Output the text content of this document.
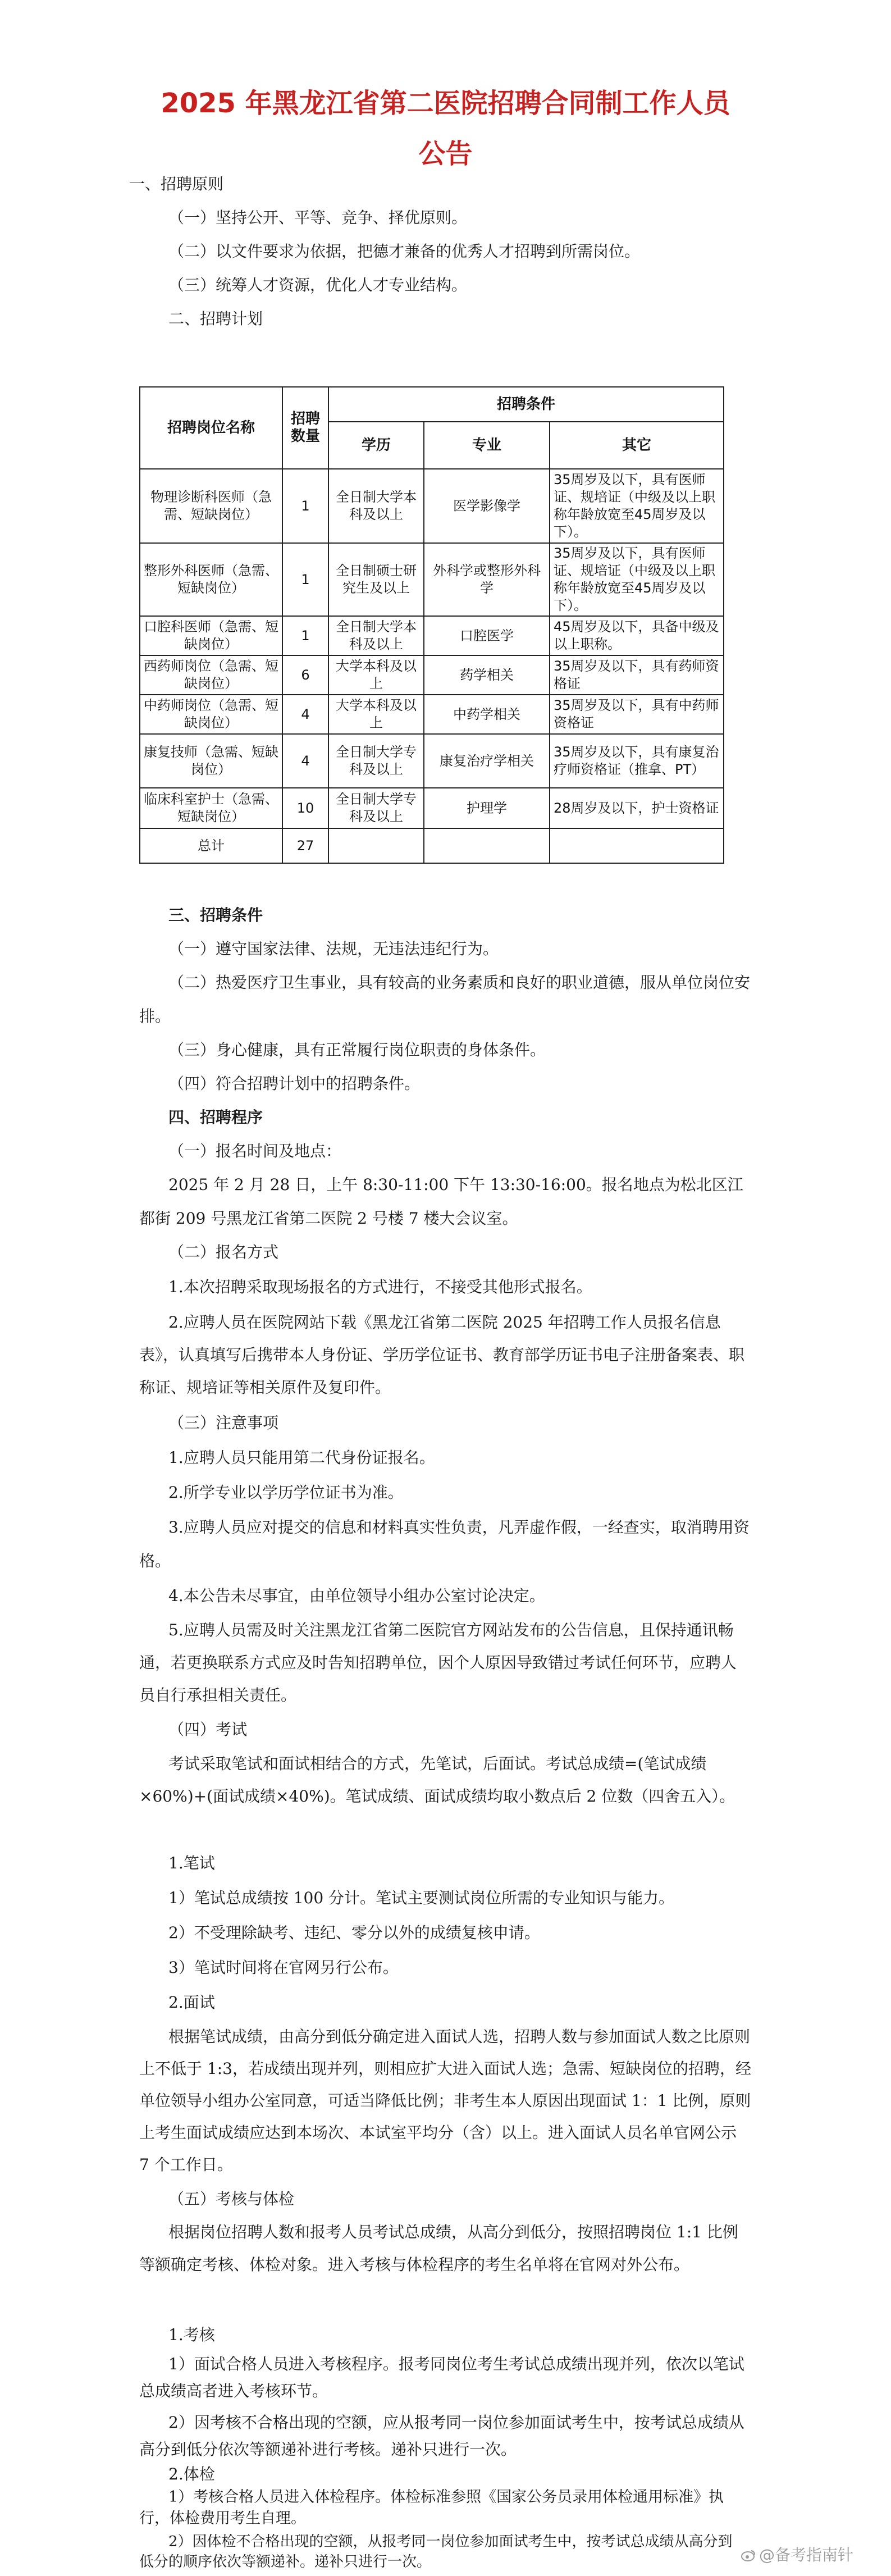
2025 年黑龙江省第二医院招聘合同制工作人员
公告
一、招聘原则
（一）坚持公开、平等、竞争、择优原则。
（二）以文件要求为依据，把德才兼备的优秀人才招聘到所需岗位。
（三）统筹人才资源，优化人才专业结构。
二、招聘计划
招聘岗位名称	招聘数量	招聘条件		
		学历	专业	其它
物理诊断科医师（急需、短缺岗位）	1	全日制大学本科及以上	医学影像学	35周岁及以下，具有医师证、规培证（中级及以上职称年龄放宽至45周岁及以下）。
整形外科医师（急需、短缺岗位）	1	全日制硕士研究生及以上	外科学或整形外科学	35周岁及以下，具有医师证、规培证（中级及以上职称年龄放宽至45周岁及以下）。
口腔科医师（急需、短缺岗位）	1	全日制大学本科及以上	口腔医学	45周岁及以下，具备中级及以上职称。
西药师岗位（急需、短缺岗位）	6	大学本科及以上	药学相关	35周岁及以下，具有药师资格证
中药师岗位（急需、短缺岗位）	4	大学本科及以上	中药学相关	35周岁及以下，具有中药师资格证
康复技师（急需、短缺岗位）	4	全日制大学专科及以上	康复治疗学相关	35周岁及以下，具有康复治疗师资格证（推拿、PT）
临床科室护士（急需、短缺岗位）	10	全日制大学专科及以上	护理学	28周岁及以下，护士资格证
总计	27			
三、招聘条件
（一）遵守国家法律、法规，无违法违纪行为。
（二）热爱医疗卫生事业，具有较高的业务素质和良好的职业道德，服从单位岗位安排。
（三）身心健康，具有正常履行岗位职责的身体条件。
（四）符合招聘计划中的招聘条件。
四、招聘程序
（一）报名时间及地点：
2025 年 2 月 28 日，上午 8:30-11:00 下午 13:30-16:00。报名地点为松北区江都街 209 号黑龙江省第二医院 2 号楼 7 楼大会议室。
（二）报名方式
1.本次招聘采取现场报名的方式进行，不接受其他形式报名。
2.应聘人员在医院网站下载《黑龙江省第二医院 2025 年招聘工作人员报名信息表》，认真填写后携带本人身份证、学历学位证书、教育部学历证书电子注册备案表、职称证、规培证等相关原件及复印件。
（三）注意事项
1.应聘人员只能用第二代身份证报名。
2.所学专业以学历学位证书为准。
3.应聘人员应对提交的信息和材料真实性负责，凡弄虚作假，一经查实，取消聘用资格。
4.本公告未尽事宜，由单位领导小组办公室讨论决定。
5.应聘人员需及时关注黑龙江省第二医院官方网站发布的公告信息，且保持通讯畅通，若更换联系方式应及时告知招聘单位，因个人原因导致错过考试任何环节，应聘人员自行承担相关责任。
（四）考试
考试采取笔试和面试相结合的方式，先笔试，后面试。考试总成绩=(笔试成绩×60%)+(面试成绩×40%)。笔试成绩、面试成绩均取小数点后 2 位数（四舍五入）。
1.笔试
1）笔试总成绩按 100 分计。笔试主要测试岗位所需的专业知识与能力。
2）不受理除缺考、违纪、零分以外的成绩复核申请。
3）笔试时间将在官网另行公布。
2.面试
根据笔试成绩，由高分到低分确定进入面试人选，招聘人数与参加面试人数之比原则上不低于 1:3，若成绩出现并列，则相应扩大进入面试人选；急需、短缺岗位的招聘，经单位领导小组办公室同意，可适当降低比例；非考生本人原因出现面试 1：1 比例，原则上考生面试成绩应达到本场次、本试室平均分（含）以上。进入面试人员名单官网公示 7 个工作日。
（五）考核与体检
根据岗位招聘人数和报考人员考试总成绩，从高分到低分，按照招聘岗位 1:1 比例等额确定考核、体检对象。进入考核与体检程序的考生名单将在官网对外公布。
1.考核
1）面试合格人员进入考核程序。报考同岗位考生考试总成绩出现并列，依次以笔试总成绩高者进入考核环节。
2）因考核不合格出现的空额，应从报考同一岗位参加面试考生中，按考试总成绩从高分到低分依次等额递补进行考核。递补只进行一次。
2.体检
1）考核合格人员进入体检程序。体检标准参照《国家公务员录用体检通用标准》执行，体检费用考生自理。
2）因体检不合格出现的空额，从报考同一岗位参加面试考生中，按考试总成绩从高分到低分的顺序依次等额递补。递补只进行一次。	@备考指南针
